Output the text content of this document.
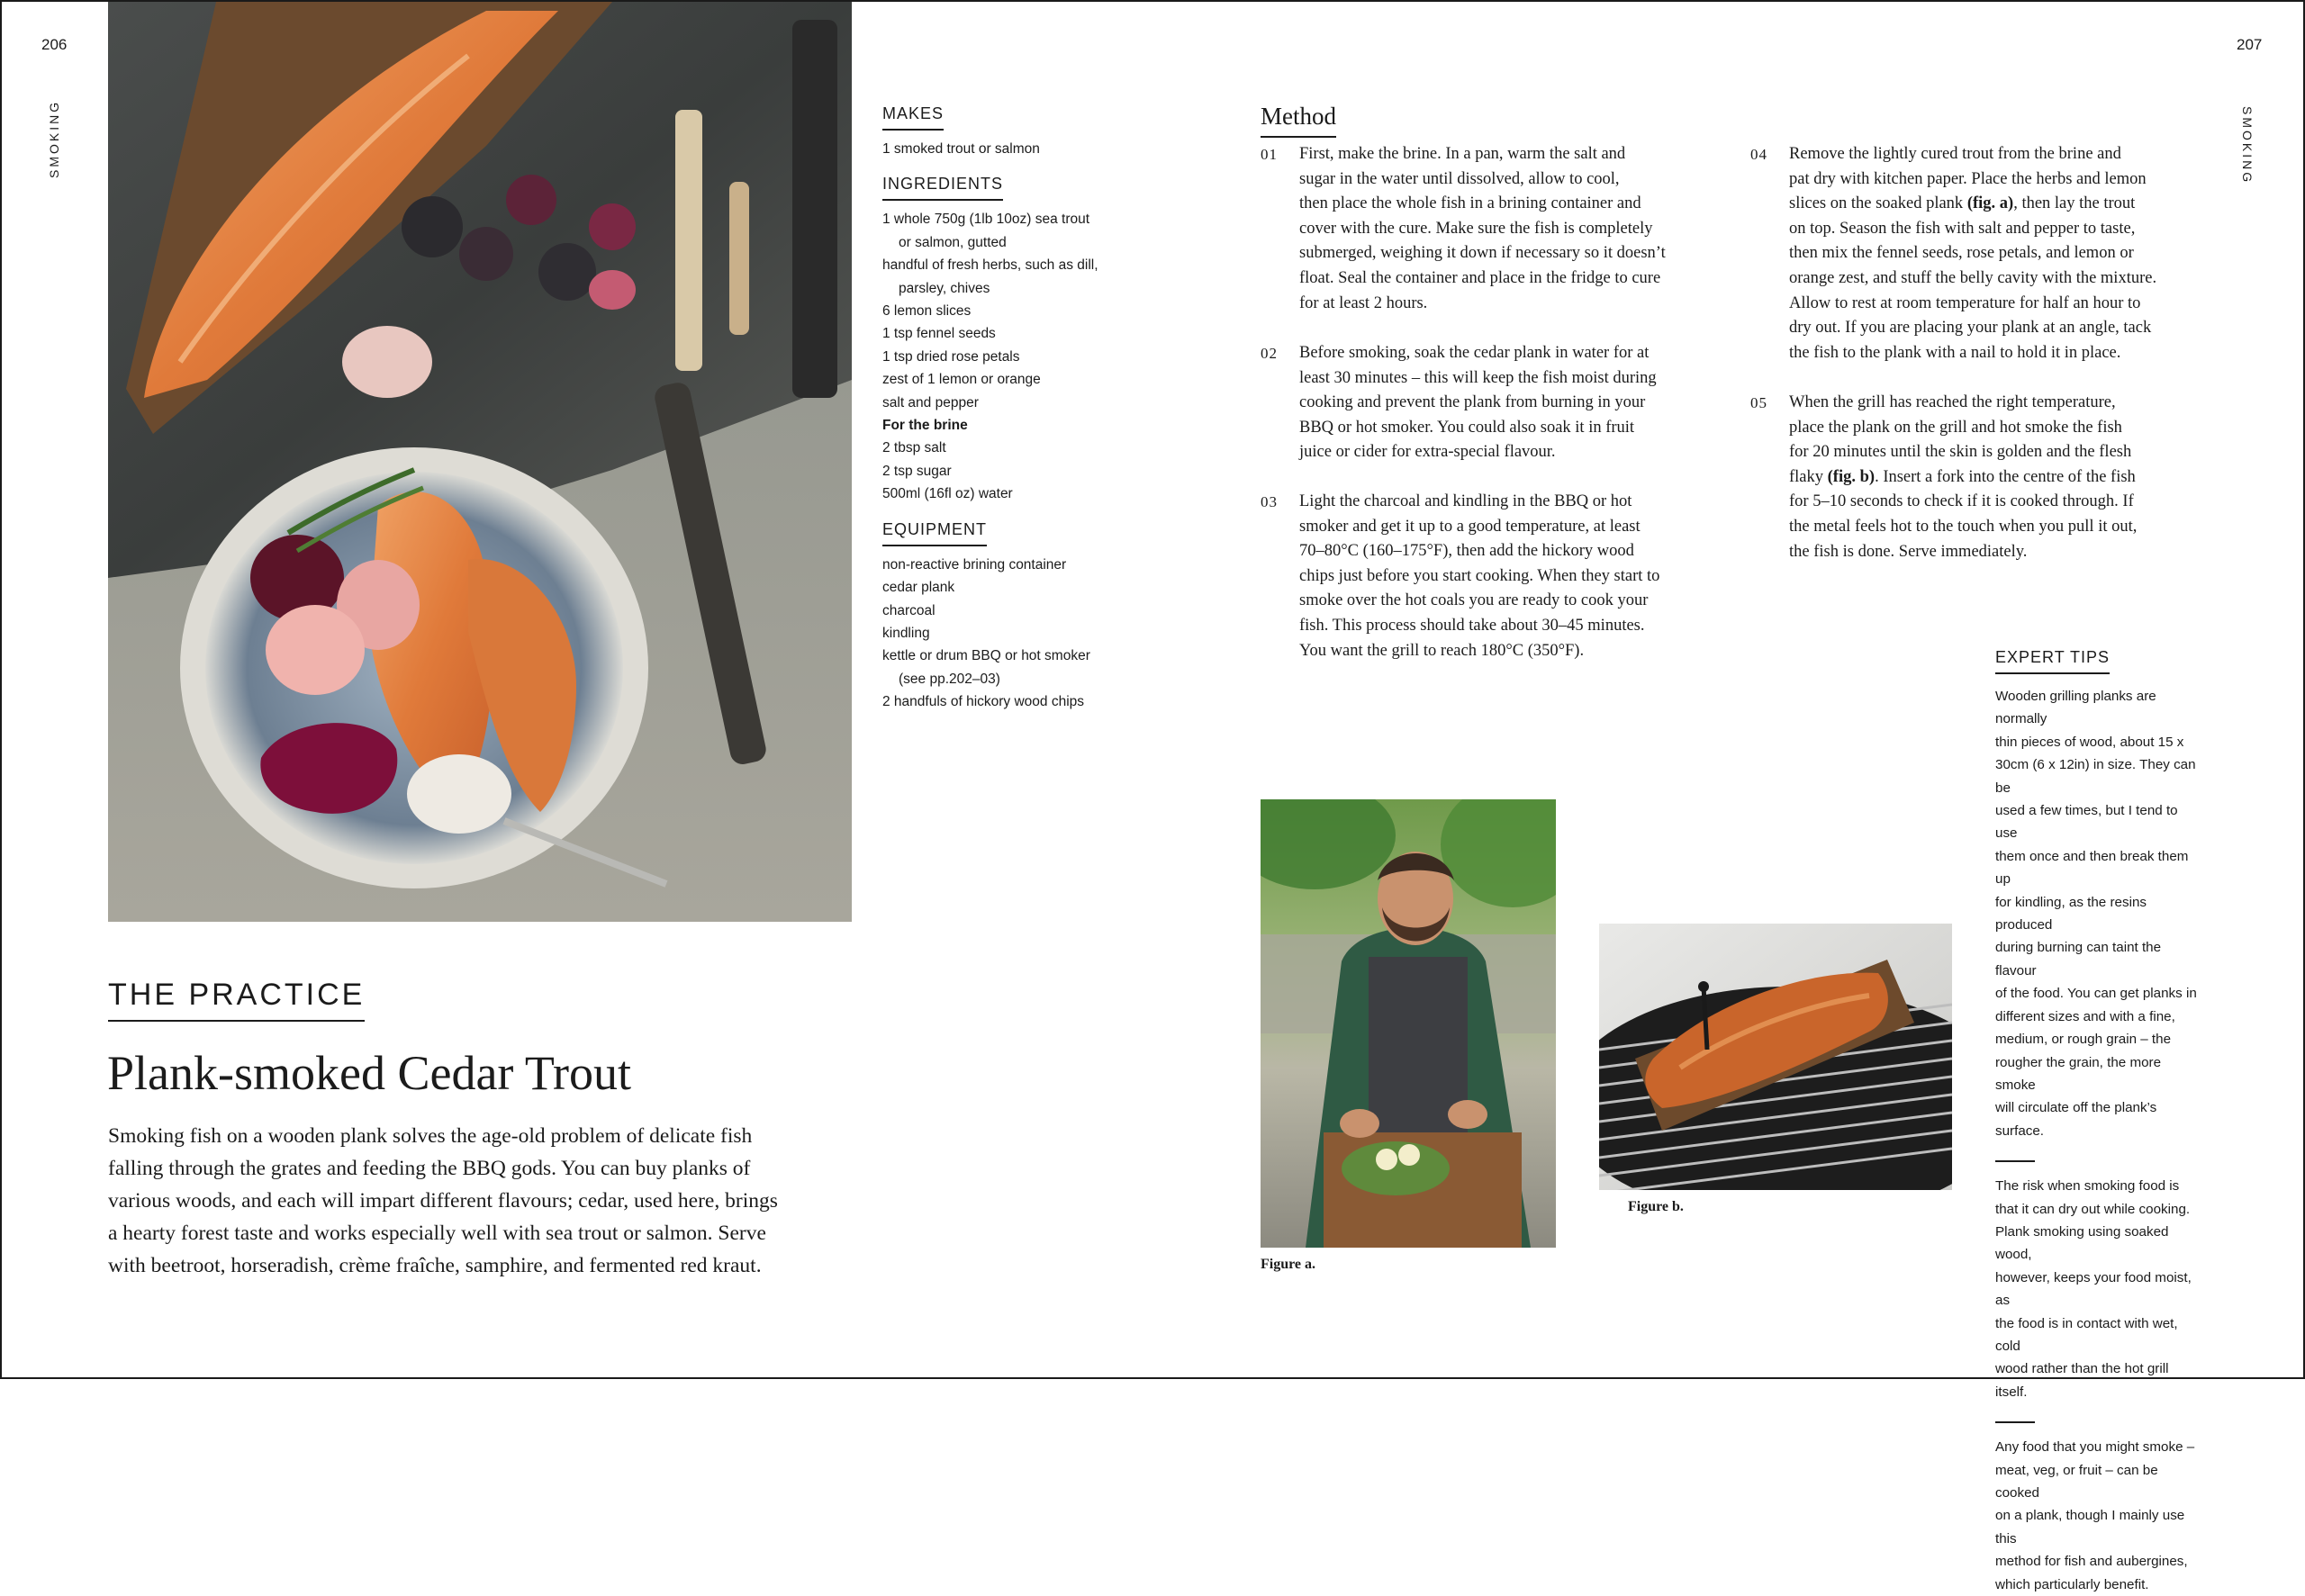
206	207
SMOKING	SMOKING
THE PRACTICE
Plank-smoked Cedar Trout
Smoking fish on a wooden plank solves the age-old problem of delicate fish
falling through the grates and feeding the BBQ gods. You can buy planks of
various woods, and each will impart different flavours; cedar, used here, brings
a hearty forest taste and works especially well with sea trout or salmon. Serve
with beetroot, horseradish, crème fraîche, samphire, and fermented red kraut.
MAKES
1 smoked trout or salmon
INGREDIENTS
1 whole 750g (1lb 10oz) sea trout
or salmon, gutted
handful of fresh herbs, such as dill,
parsley, chives
6 lemon slices
1 tsp fennel seeds
1 tsp dried rose petals
zest of 1 lemon or orange
salt and pepper
For the brine
2 tbsp salt
2 tsp sugar
500ml (16fl oz) water
EQUIPMENT
non-reactive brining container
cedar plank
charcoal
kindling
kettle or drum BBQ or hot smoker
(see pp.202–03)
2 handfuls of hickory wood chips
Method
01 First, make the brine. In a pan, warm the salt and
sugar in the water until dissolved, allow to cool,
then place the whole fish in a brining container and
cover with the cure. Make sure the fish is completely
submerged, weighing it down if necessary so it doesn’t
float. Seal the container and place in the fridge to cure
for at least 2 hours.
02 Before smoking, soak the cedar plank in water for at
least 30 minutes – this will keep the fish moist during
cooking and prevent the plank from burning in your
BBQ or hot smoker. You could also soak it in fruit
juice or cider for extra-special flavour.
03 Light the charcoal and kindling in the BBQ or hot
smoker and get it up to a good temperature, at least
70–80°C (160–175°F), then add the hickory wood
chips just before you start cooking. When they start to
smoke over the hot coals you are ready to cook your
fish. This process should take about 30–45 minutes.
You want the grill to reach 180°C (350°F).
04 Remove the lightly cured trout from the brine and
pat dry with kitchen paper. Place the herbs and lemon
slices on the soaked plank (fig. a), then lay the trout
on top. Season the fish with salt and pepper to taste,
then mix the fennel seeds, rose petals, and lemon or
orange zest, and stuff the belly cavity with the mixture.
Allow to rest at room temperature for half an hour to
dry out. If you are placing your plank at an angle, tack
the fish to the plank with a nail to hold it in place.
05 When the grill has reached the right temperature,
place the plank on the grill and hot smoke the fish
for 20 minutes until the skin is golden and the flesh
flaky (fig. b). Insert a fork into the centre of the fish
for 5–10 seconds to check if it is cooked through. If
the metal feels hot to the touch when you pull it out,
the fish is done. Serve immediately.
EXPERT TIPS

Wooden grilling planks are normally

thin pieces of wood, about 15 x

30cm (6 x 12in) in size. They can be

used a few times, but I tend to use

them once and then break them up

for kindling, as the resins produced

during burning can taint the flavour

of the food. You can get planks in

different sizes and with a fine,

medium, or rough grain – the

rougher the grain, the more smoke

will circulate off the plank’s surface.

The risk when smoking food is

that it can dry out while cooking.

Plank smoking using soaked wood,

however, keeps your food moist, as

the food is in contact with wet, cold

wood rather than the hot grill itself.

Any food that you might smoke –

meat, veg, or fruit – can be cooked

on a plank, though I mainly use this

method for fish and aubergines,

which particularly benefit.

Figure a.
Figure b.
